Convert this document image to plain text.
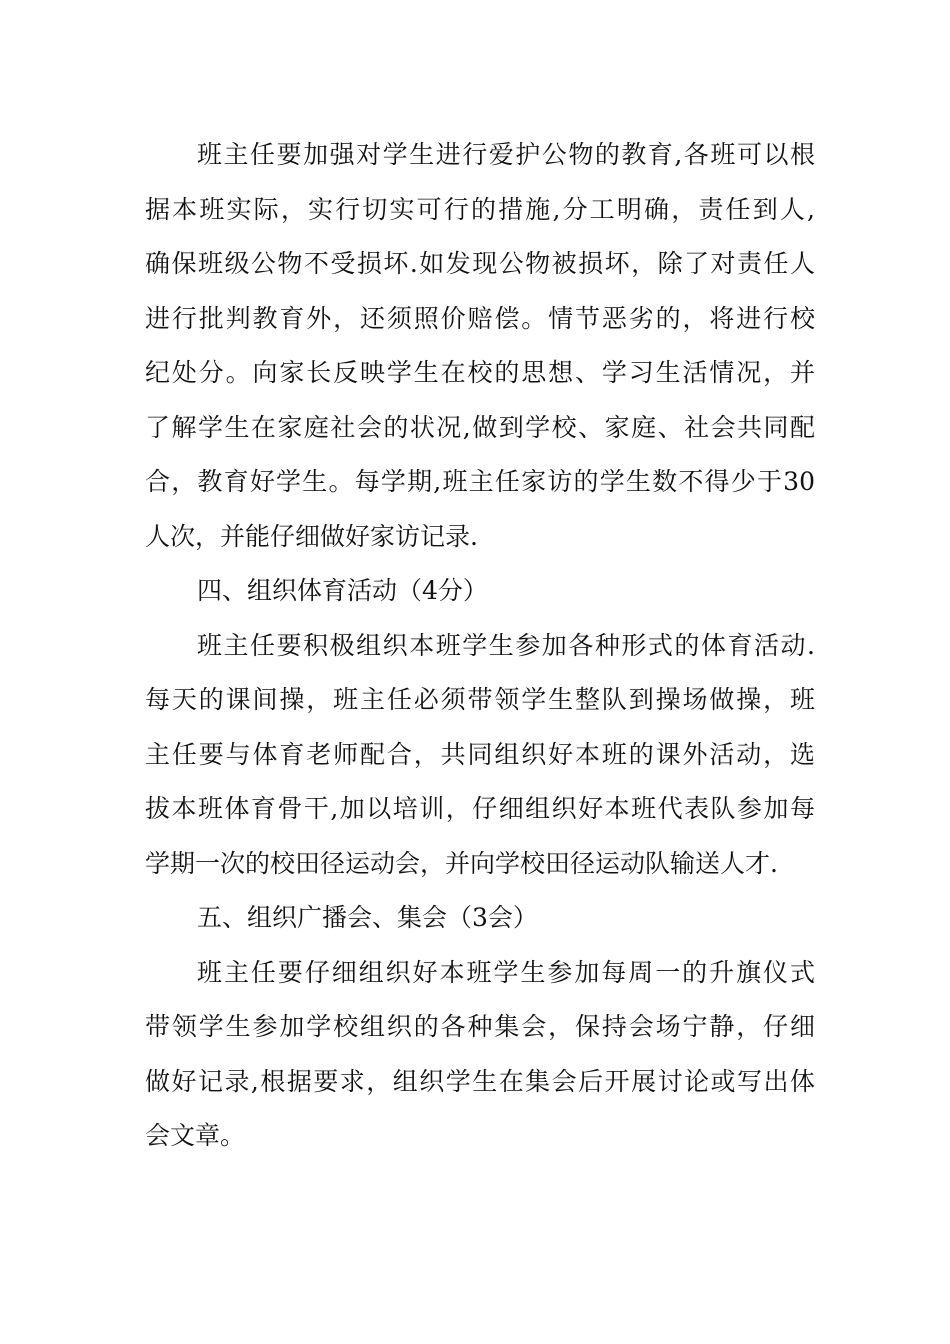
班主任要加强对学生进行爱护公物的教育,各班可以根
据本班实际，实行切实可行的措施,分工明确，责任到人,
确保班级公物不受损坏.如发现公物被损坏，除了对责任人
进行批判教育外，还须照价赔偿。情节恶劣的，将进行校
纪处分。向家长反映学生在校的思想、学习生活情况，并
了解学生在家庭社会的状况,做到学校、家庭、社会共同配
合，教育好学生。每学期,班主任家访的学生数不得少于30
人次，并能仔细做好家访记录.
四、组织体育活动（4分）
班主任要积极组织本班学生参加各种形式的体育活动.
每天的课间操，班主任必须带领学生整队到操场做操，班
主任要与体育老师配合，共同组织好本班的课外活动，选
拔本班体育骨干,加以培训，仔细组织好本班代表队参加每
学期一次的校田径运动会，并向学校田径运动队输送人才.
五、组织广播会、集会（3会）
班主任要仔细组织好本班学生参加每周一的升旗仪式
带领学生参加学校组织的各种集会，保持会场宁静，仔细
做好记录,根据要求，组织学生在集会后开展讨论或写出体
会文章。
